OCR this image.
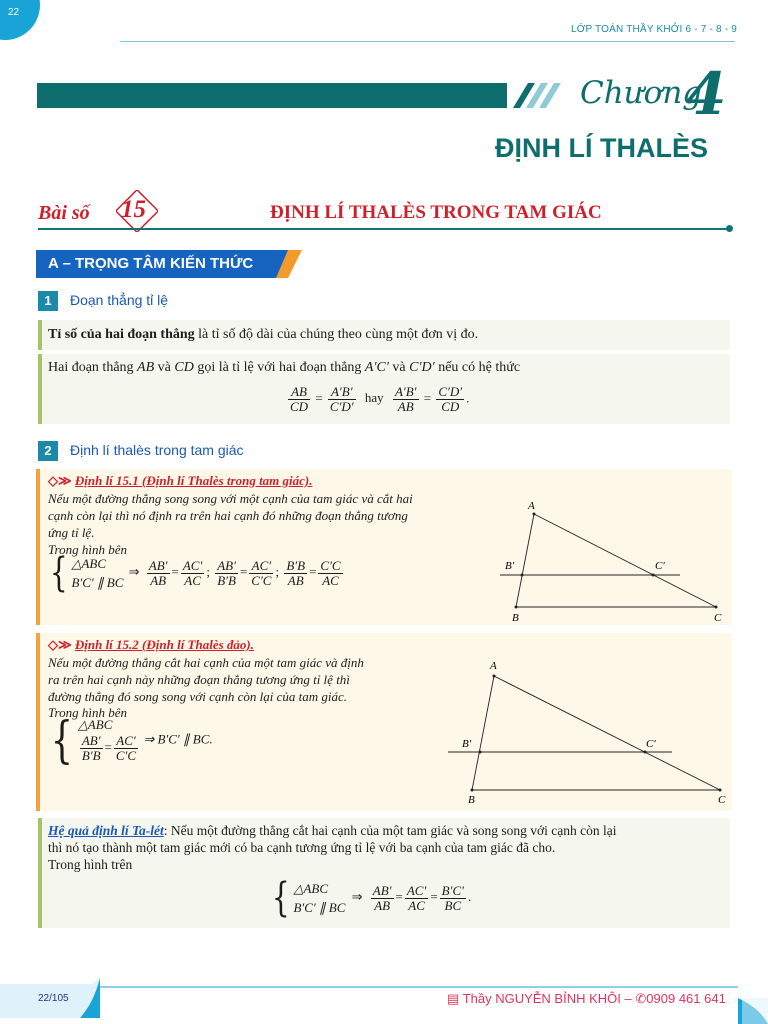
22
LỚP TOÁN THẦY KHỞI 6 - 7 - 8 - 9
Chương
4
ĐỊNH LÍ THALÈS
Bài số 15	ĐỊNH LÍ THALÈS TRONG TAM GIÁC
A – TRỌNG TÂM KIẾN THỨC
1	Đoạn thẳng tỉ lệ
Tỉ số của hai đoạn thẳng là tỉ số độ dài của chúng theo cùng một đơn vị đo.
Hai đoạn thẳng AB và CD gọi là tỉ lệ với hai đoạn thẳng A′C′ và C′D′ nếu có hệ thức
$\frac{AB}{CD} = \frac{A'B'}{C'D'}$ hay $\frac{A'B'}{AB} = \frac{C'D'}{CD}$ .
2	Định lí thalès trong tam giác
◇≫ Định lí 15.1 (Định lí Thalès trong tam giác).
Nếu một đường thẳng song song với một cạnh của tam giác và cắt hai
cạnh còn lại thì nó định ra trên hai cạnh đó những đoạn thẳng tương
ứng tỉ lệ.
Trong hình bên
{ △ABC
B′C′ ∥ BC ⇒ $\frac{AB'}{AB} = \frac{AC'}{AC}$ ; $\frac{AB'}{B'B} = \frac{AC'}{C'C}$ ; $\frac{B'B}{AB} = \frac{C'C}{AC}$
A
B	C
B′	C′
◇≫ Định lí 15.2 (Định lí Thalès đảo).
Nếu một đường thẳng cắt hai cạnh của một tam giác và định
ra trên hai cạnh này những đoạn thẳng tương ứng tỉ lệ thì
đường thẳng đó song song với cạnh còn lại của tam giác.
Trong hình bên
{ △ABC
$\frac{AB'}{B'B} = \frac{AC'}{C'C}$ ⇒ B′C′ ∥ BC.
A
B	C
B′	C′
Hệ quả định lí Ta-lét: Nếu một đường thẳng cắt hai cạnh của một tam giác và song song với cạnh còn lại
thì nó tạo thành một tam giác mới có ba cạnh tương ứng tỉ lệ với ba cạnh của tam giác đã cho.
Trong hình trên
{ △ABC
B′C′ ∥ BC ⇒ $\frac{AB'}{AB} = \frac{AC'}{AC} = \frac{B'C'}{BC}$ .
22/105	▤ Thầy NGUYỄN BỈNH KHÔI – ✆0909 461 641
